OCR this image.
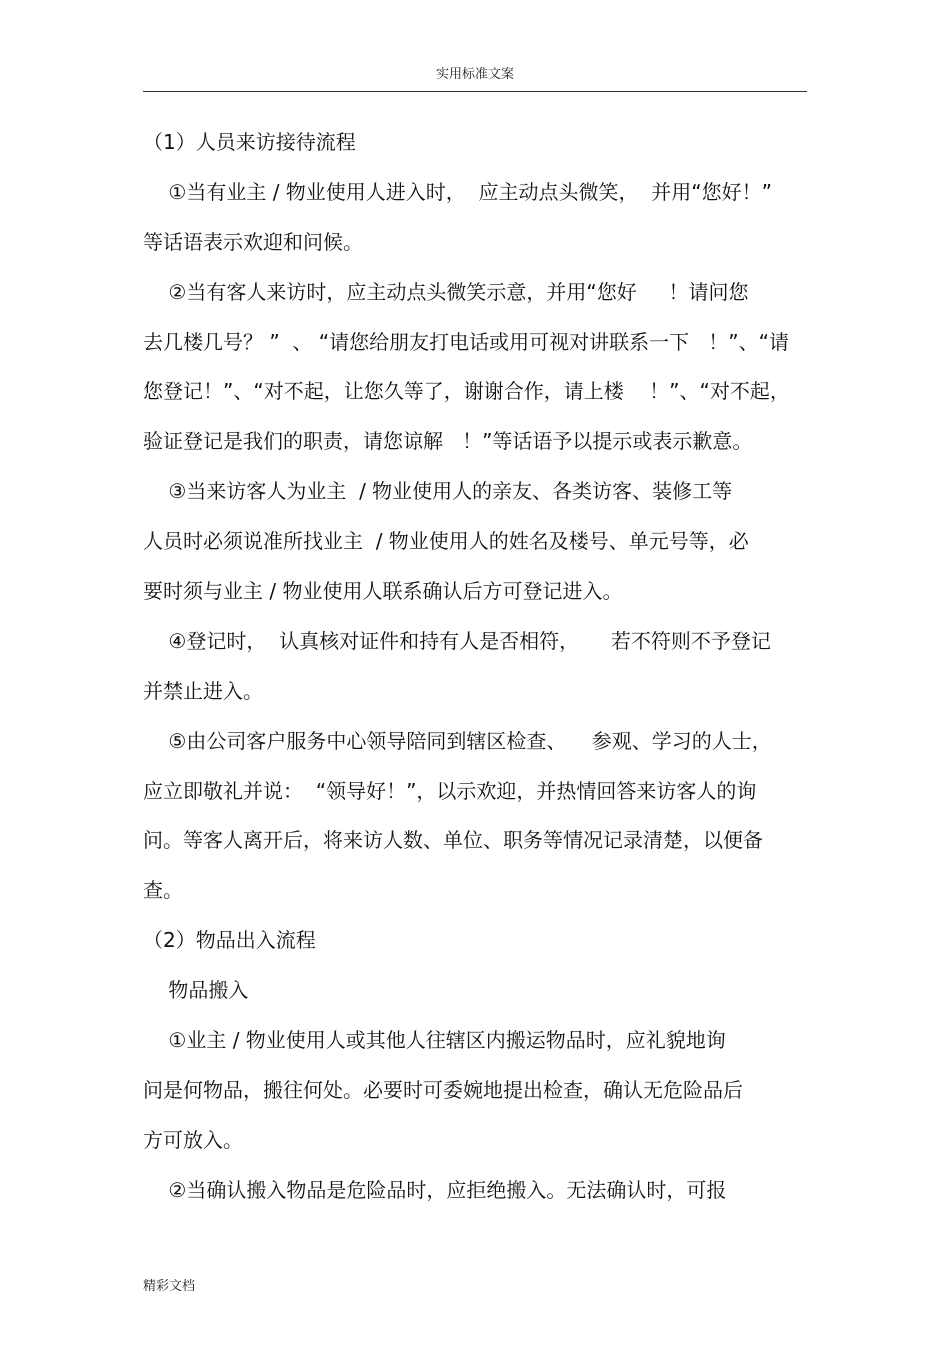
实用标准文案
（1）人员来访接待流程
①当有业主 / 物业使用人进入时，  应主动点头微笑，  并用“您好！”
等话语表示欢迎和问候。
②当有客人来访时，应主动点头微笑示意，并用“您好     ！请问您
去几楼几号？ ”  、 “请您给朋友打电话或用可视对讲联系一下   ！”、“请
您登记！”、“对不起，让您久等了，谢谢合作，请上楼    ！”、“对不起，
验证登记是我们的职责，请您谅解   ！”等话语予以提示或表示歉意。
③当来访客人为业主  / 物业使用人的亲友、各类访客、装修工等
人员时必须说准所找业主  / 物业使用人的姓名及楼号、单元号等，必
要时须与业主 / 物业使用人联系确认后方可登记进入。
④登记时，  认真核对证件和持有人是否相符，     若不符则不予登记
并禁止进入。
⑤由公司客户服务中心领导陪同到辖区检查、    参观、学习的人士，
应立即敬礼并说：  “领导好！”，以示欢迎，并热情回答来访客人的询
问。等客人离开后，将来访人数、单位、职务等情况记录清楚，以便备
查。
（2）物品出入流程
物品搬入
①业主 / 物业使用人或其他人往辖区内搬运物品时，应礼貌地询
问是何物品，搬往何处。必要时可委婉地提出检查，确认无危险品后
方可放入。
②当确认搬入物品是危险品时，应拒绝搬入。无法确认时，可报
精彩文档
